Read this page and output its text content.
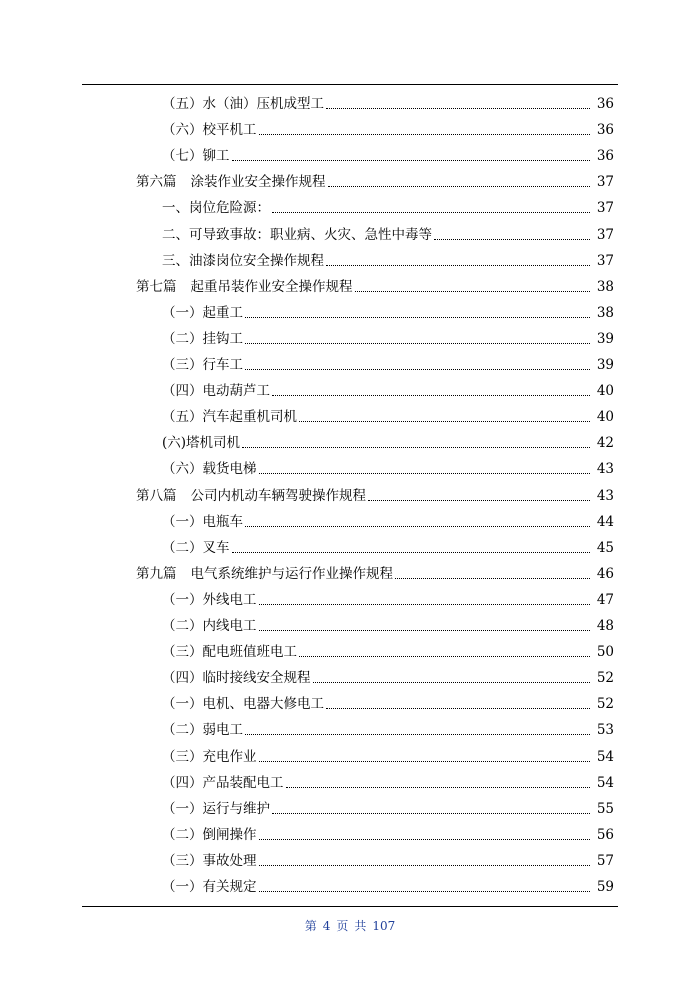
（五）水（油）压机成型工	36
（六）校平机工	36
（七）铆工	36
第六篇 涂装作业安全操作规程	37
一、岗位危险源：	37
二、可导致事故：职业病、火灾、急性中毒等	37
三、油漆岗位安全操作规程	37
第七篇 起重吊装作业安全操作规程	38
（一）起重工	38
（二）挂钩工	39
（三）行车工	39
（四）电动葫芦工	40
（五）汽车起重机司机	40
(六)塔机司机	42
（六）载货电梯	43
第八篇 公司内机动车辆驾驶操作规程	43
（一）电瓶车	44
（二）叉车	45
第九篇 电气系统维护与运行作业操作规程	46
（一）外线电工	47
（二）内线电工	48
（三）配电班值班电工	50
（四）临时接线安全规程	52
（一）电机、电器大修电工	52
（二）弱电工	53
（三）充电作业	54
（四）产品装配电工	54
（一）运行与维护	55
（二）倒闸操作	56
（三）事故处理	57
（一）有关规定	59
第 4 页 共 107
